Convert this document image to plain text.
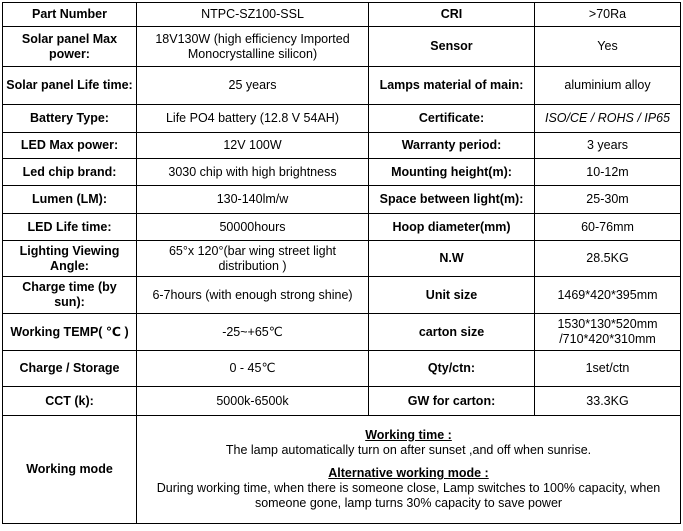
Part Number	NTPC-SZ100-SSL	CRI	>70Ra
Solar panel Max power:	18V130W (high efficiency Imported Monocrystalline silicon)	Sensor	Yes
Solar panel Life time:	25 years	Lamps material of main:	aluminium alloy
Battery Type:	Life PO4 battery (12.8 V 54AH)	Certificate:	ISO/CE / ROHS / IP65
LED Max power:	12V 100W	Warranty period:	3 years
Led chip brand:	3030 chip with high brightness	Mounting height(m):	10-12m
Lumen (LM):	130-140lm/w	Space between light(m):	25-30m
LED Life time:	50000hours	Hoop diameter(mm)	60-76mm
Lighting Viewing Angle:	65°x 120°(bar wing street light distribution )	N.W	28.5KG
Charge time (by sun):	6-7hours (with enough strong shine)	Unit size	1469*420*395mm
Working TEMP( ℃ )	-25~+65℃	carton size	1530*130*520mm /710*420*310mm
Charge / Storage	0 - 45℃	Qty/ctn:	1set/ctn
CCT (k):	5000k-6500k	GW for carton:	33.3KG
Working mode	Working time :
The lamp automatically turn on after sunset ,and off when sunrise.
Alternative working mode :
During working time, when there is someone close, Lamp switches to 100% capacity, when someone gone, lamp turns 30% capacity to save power		
